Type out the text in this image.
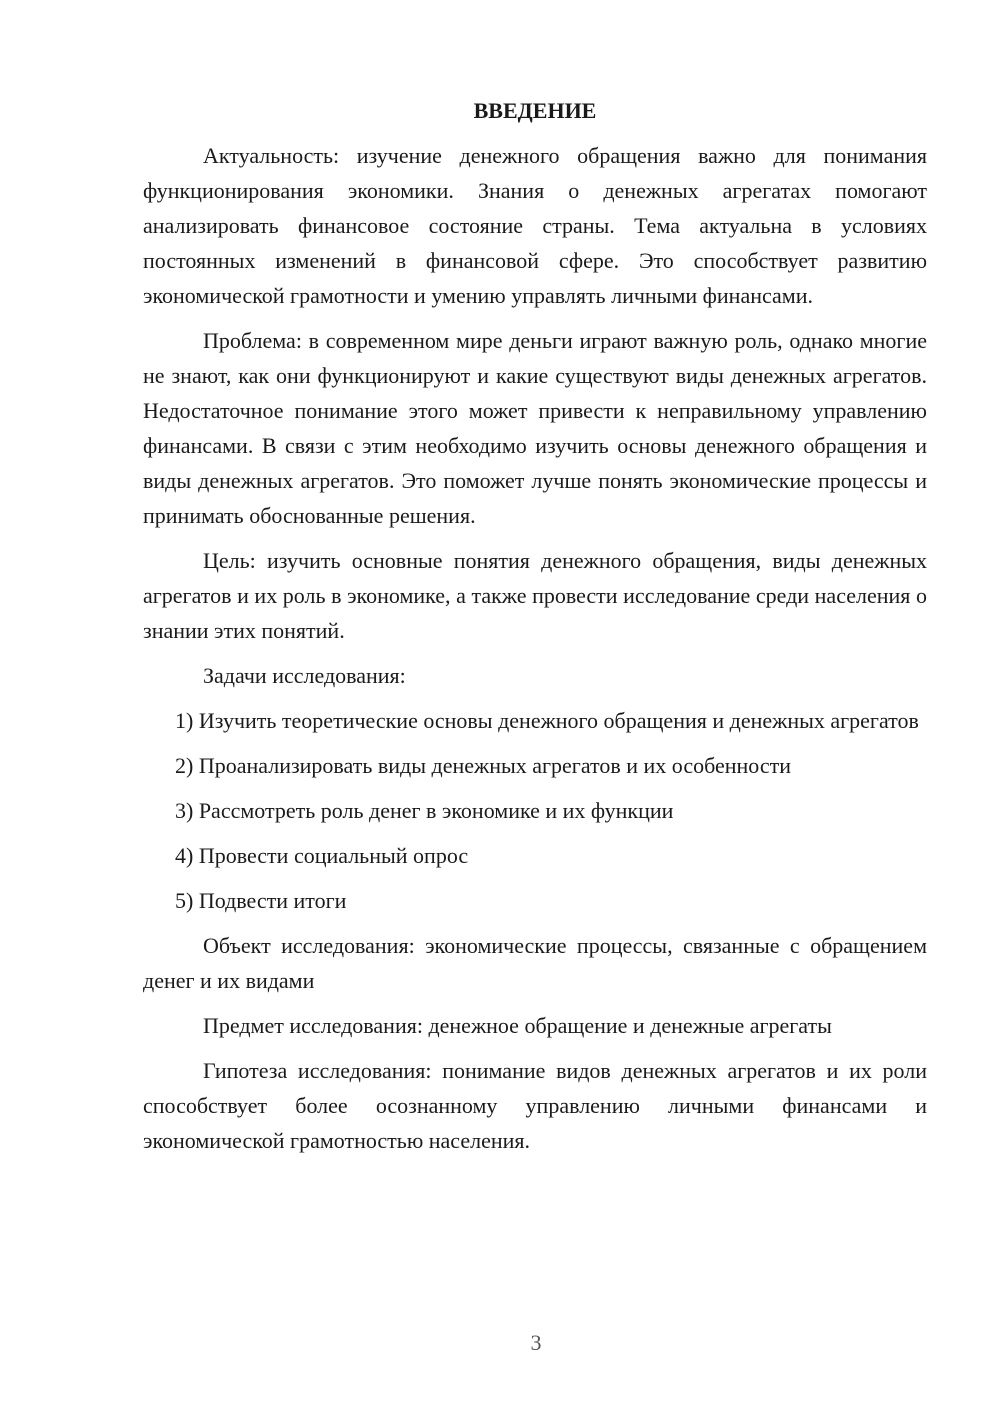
ВВЕДЕНИЕ

Актуальность: изучение денежного обращения важно для понимания функционирования экономики. Знания о денежных агрегатах помогают анализировать финансовое состояние страны. Тема актуальна в условиях постоянных изменений в финансовой сфере. Это способствует развитию экономической грамотности и умению управлять личными финансами.

Проблема: в современном мире деньги играют важную роль, однако многие не знают, как они функционируют и какие существуют виды денежных агрегатов. Недостаточное понимание этого может привести к неправильному управлению финансами. В связи с этим необходимо изучить основы денежного обращения и виды денежных агрегатов. Это поможет лучше понять экономические процессы и принимать обоснованные решения.

Цель: изучить основные понятия денежного обращения, виды денежных агрегатов и их роль в экономике, а также провести исследование среди населения о знании этих понятий.

Задачи исследования:

1) Изучить теоретические основы денежного обращения и денежных агрегатов

2) Проанализировать виды денежных агрегатов и их особенности

3) Рассмотреть роль денег в экономике и их функции

4) Провести социальный опрос

5) Подвести итоги

Объект исследования: экономические процессы, связанные с обращением денег и их видами

Предмет исследования: денежное обращение и денежные агрегаты

Гипотеза исследования: понимание видов денежных агрегатов и их роли способствует более осознанному управлению личными финансами и экономической грамотностью населения.

3
